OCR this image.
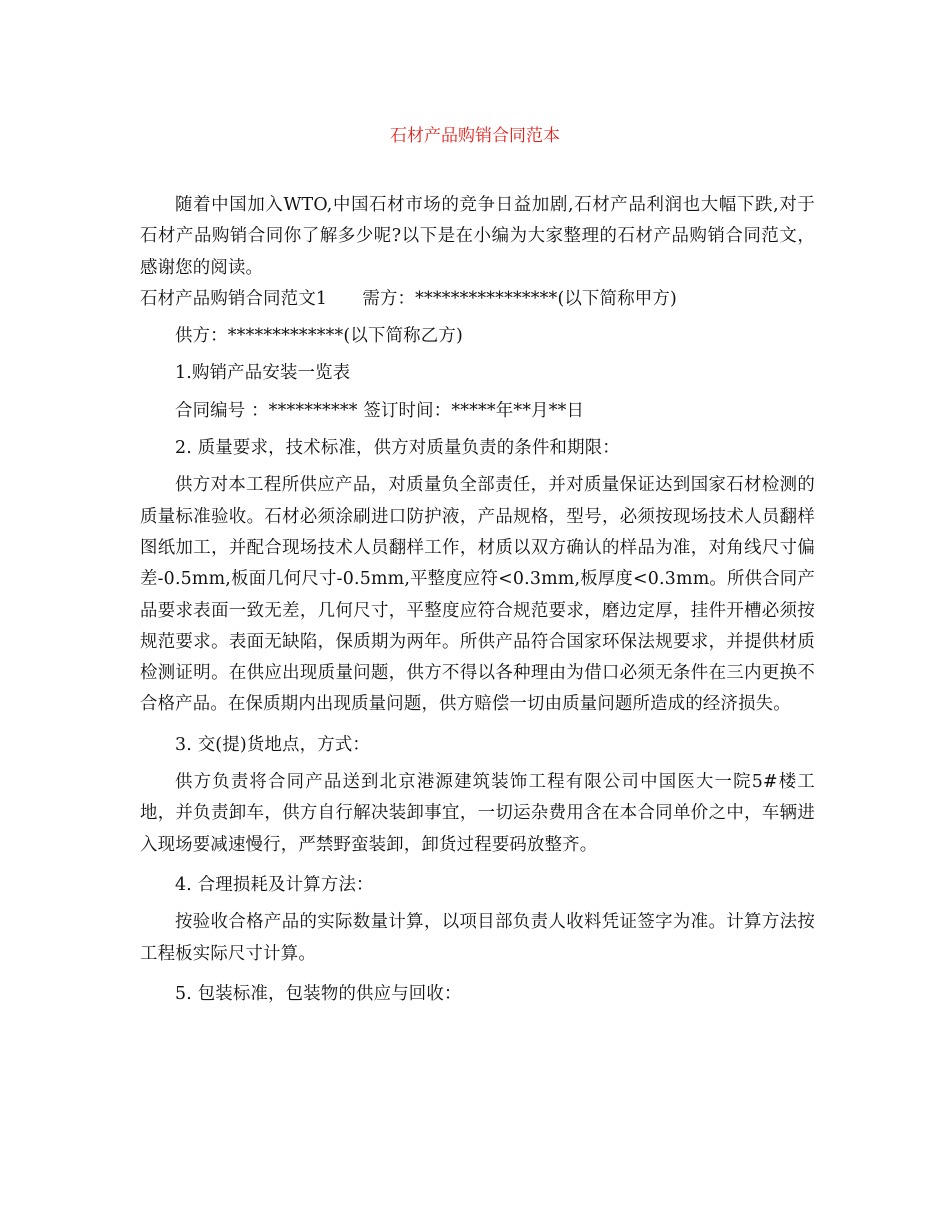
石材产品购销合同范本

随着中国加入WTO,中国石材市场的竞争日益加剧,石材产品利润也大幅下跌,对于石材产品购销合同你了解多少呢?以下是在小编为大家整理的石材产品购销合同范文，感谢您的阅读。

石材产品购销合同范文1　　需方：****************(以下简称甲方)

供方：*************(以下简称乙方)

1.购销产品安装一览表

合同编号 ：********** 签订时间：*****年**月**日

2. 质量要求，技术标准，供方对质量负责的条件和期限：

供方对本工程所供应产品，对质量负全部责任，并对质量保证达到国家石材检测的质量标准验收。石材必须涂刷进口防护液，产品规格，型号，必须按现场技术人员翻样图纸加工，并配合现场技术人员翻样工作，材质以双方确认的样品为准，对角线尺寸偏差-0.5mm,板面几何尺寸-0.5mm,平整度应符<0.3mm,板厚度<0.3mm。所供合同产品要求表面一致无差，几何尺寸，平整度应符合规范要求，磨边定厚，挂件开槽必须按规范要求。表面无缺陷，保质期为两年。所供产品符合国家环保法规要求，并提供材质检测证明。在供应出现质量问题，供方不得以各种理由为借口必须无条件在三内更换不合格产品。在保质期内出现质量问题，供方赔偿一切由质量问题所造成的经济损失。

3. 交(提)货地点，方式：

供方负责将合同产品送到北京港源建筑装饰工程有限公司中国医大一院5#楼工地，并负责卸车，供方自行解决装卸事宜，一切运杂费用含在本合同单价之中，车辆进入现场要减速慢行，严禁野蛮装卸，卸货过程要码放整齐。

4. 合理损耗及计算方法：

按验收合格产品的实际数量计算，以项目部负责人收料凭证签字为准。计算方法按工程板实际尺寸计算。

5. 包装标准，包装物的供应与回收：
